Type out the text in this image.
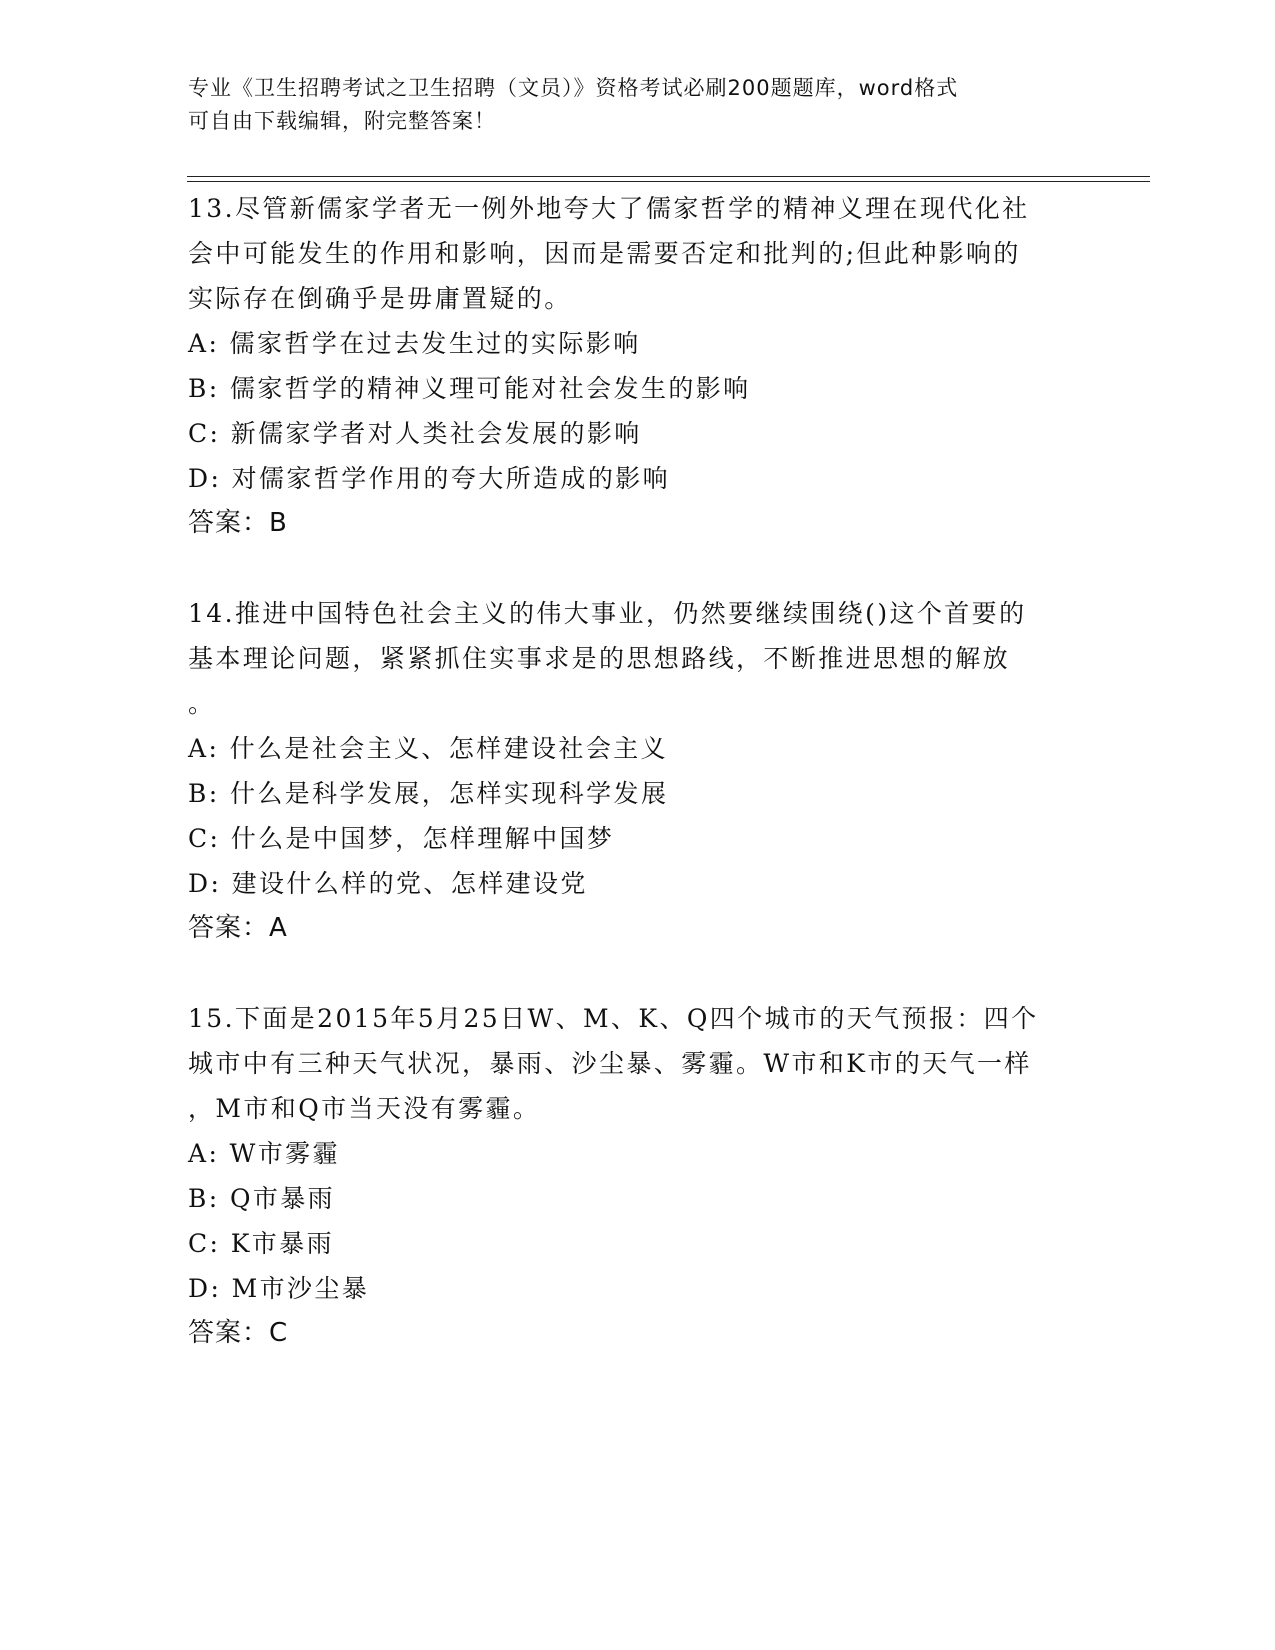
专业《卫生招聘考试之卫生招聘（文员）》资格考试必刷200题题库，word格式
可自由下载编辑，附完整答案！

13.尽管新儒家学者无一例外地夸大了儒家哲学的精神义理在现代化社

会中可能发生的作用和影响，因而是需要否定和批判的;但此种影响的

实际存在倒确乎是毋庸置疑的。

A: 儒家哲学在过去发生过的实际影响

B: 儒家哲学的精神义理可能对社会发生的影响

C: 新儒家学者对人类社会发展的影响

D: 对儒家哲学作用的夸大所造成的影响

答案：B

14.推进中国特色社会主义的伟大事业，仍然要继续围绕()这个首要的

基本理论问题，紧紧抓住实事求是的思想路线，不断推进思想的解放

。

A: 什么是社会主义、怎样建设社会主义

B: 什么是科学发展，怎样实现科学发展

C: 什么是中国梦，怎样理解中国梦

D: 建设什么样的党、怎样建设党

答案：A

15.下面是2015年5月25日W、M、K、Q四个城市的天气预报：四个

城市中有三种天气状况，暴雨、沙尘暴、雾霾。W市和K市的天气一样

，M市和Q市当天没有雾霾。

A: W市雾霾

B: Q市暴雨

C: K市暴雨

D: M市沙尘暴

答案：C
